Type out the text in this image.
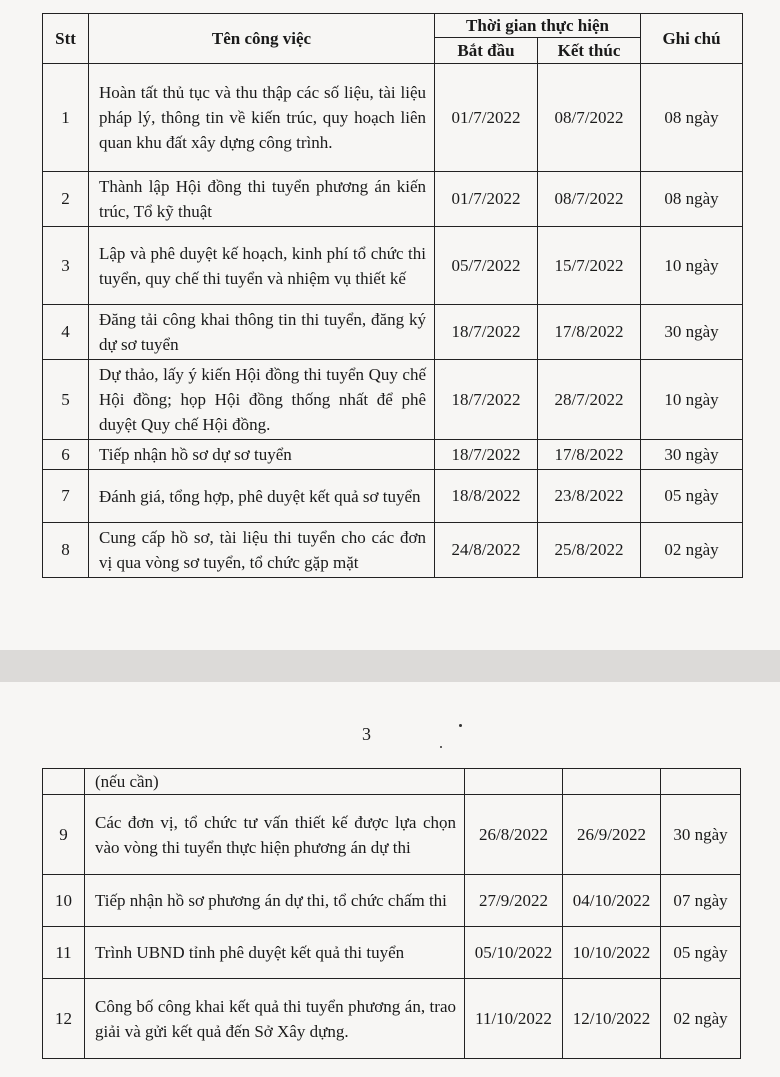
Stt	Tên công việc	Thời gian thực hiện		Ghi chú
		Bắt đầu	Kết thúc	
1	Hoàn tất thủ tục và thu thập các số liệu, tài liệu pháp lý, thông tin về kiến trúc, quy hoạch liên quan khu đất xây dựng công trình.	01/7/2022	08/7/2022	08 ngày
2	Thành lập Hội đồng thi tuyển phương án kiến trúc, Tổ kỹ thuật	01/7/2022	08/7/2022	08 ngày
3	Lập và phê duyệt kế hoạch, kinh phí tổ chức thi tuyển, quy chế thi tuyển và nhiệm vụ thiết kế	05/7/2022	15/7/2022	10 ngày
4	Đăng tải công khai thông tin thi tuyển, đăng ký dự sơ tuyển	18/7/2022	17/8/2022	30 ngày
5	Dự thảo, lấy ý kiến Hội đồng thi tuyển Quy chế Hội đồng; họp Hội đồng thống nhất để phê duyệt Quy chế Hội đồng.	18/7/2022	28/7/2022	10 ngày
6	Tiếp nhận hồ sơ dự sơ tuyển	18/7/2022	17/8/2022	30 ngày
7	Đánh giá, tổng hợp, phê duyệt kết quả sơ tuyển	18/8/2022	23/8/2022	05 ngày
8	Cung cấp hồ sơ, tài liệu thi tuyển cho các đơn vị qua vòng sơ tuyển, tổ chức gặp mặt	24/8/2022	25/8/2022	02 ngày
3
	(nếu cần)			
9	Các đơn vị, tổ chức tư vấn thiết kế được lựa chọn vào vòng thi tuyển thực hiện phương án dự thi	26/8/2022	26/9/2022	30 ngày
10	Tiếp nhận hồ sơ phương án dự thi, tổ chức chấm thi	27/9/2022	04/10/2022	07 ngày
11	Trình UBND tỉnh phê duyệt kết quả thi tuyển	05/10/2022	10/10/2022	05 ngày
12	Công bố công khai kết quả thi tuyển phương án, trao giải và gửi kết quả đến Sở Xây dựng.	11/10/2022	12/10/2022	02 ngày
